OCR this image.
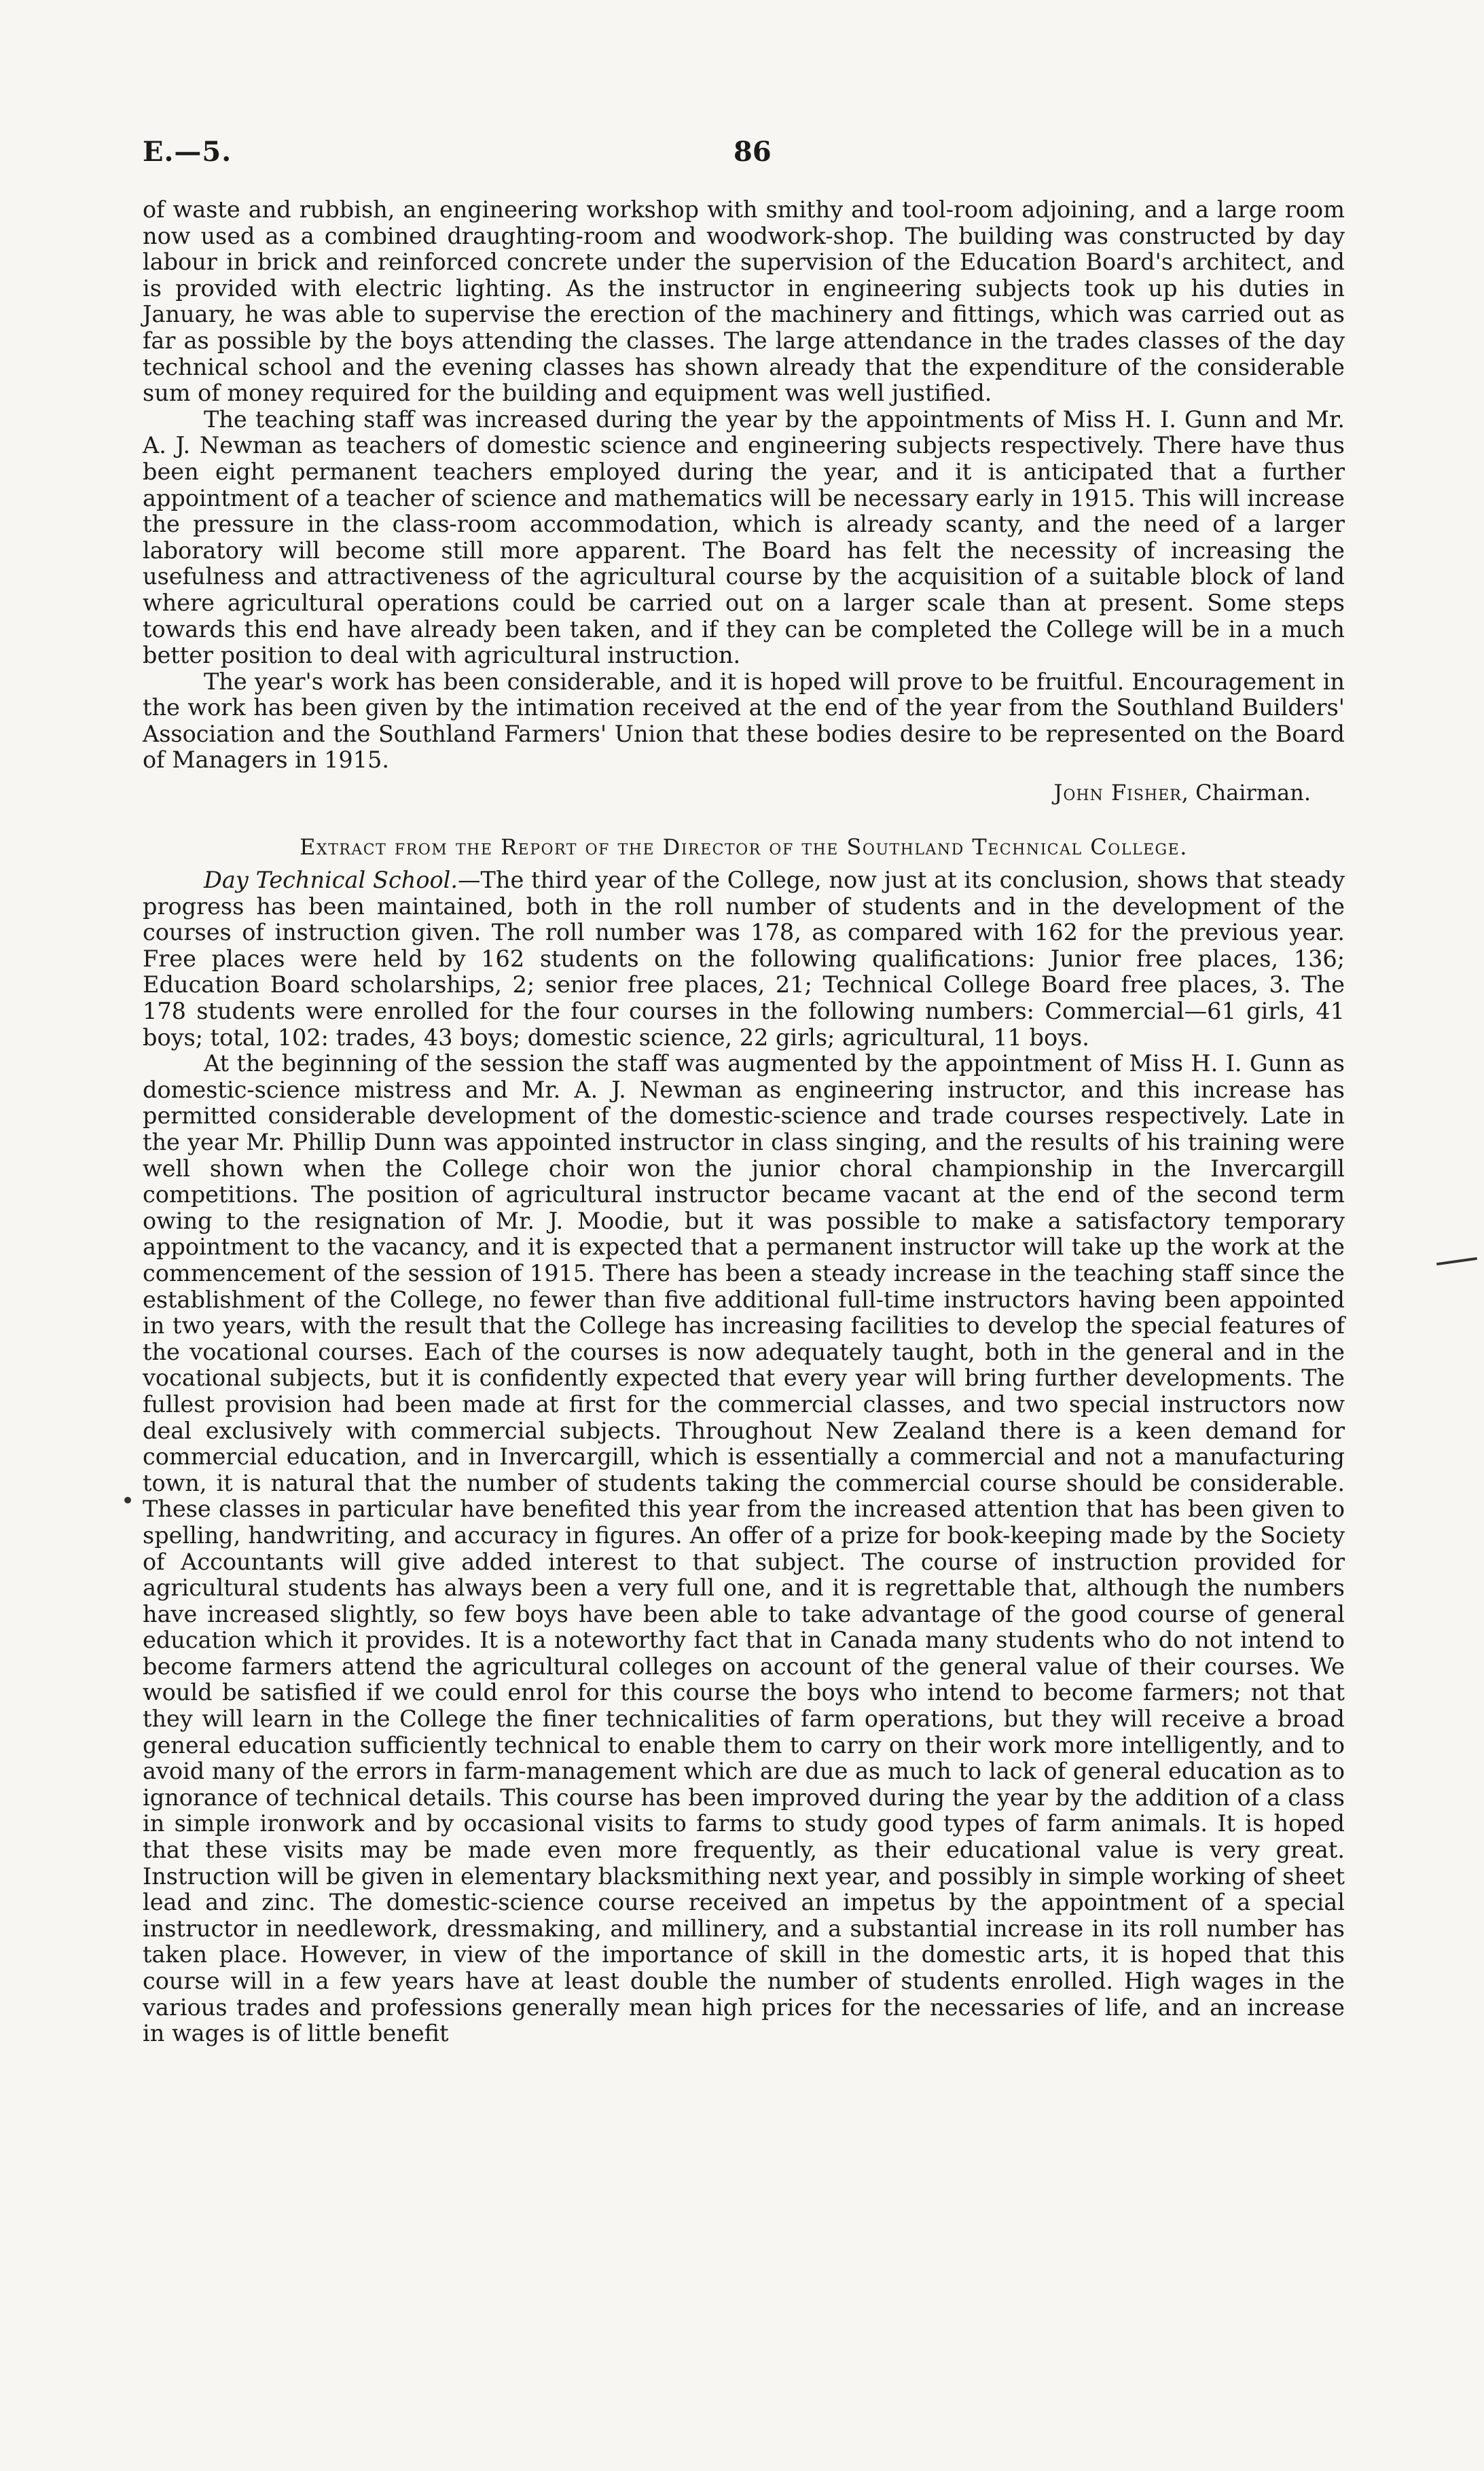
•
E.—5.	86

of waste and rubbish, an engineering workshop with smithy and tool-room adjoining, and a large room now used as a combined draughting-room and woodwork-shop. The building was constructed by day labour in brick and reinforced concrete under the supervision of the Education Board's architect, and is provided with electric lighting. As the instructor in engineering subjects took up his duties in January, he was able to supervise the erection of the machinery and fittings, which was carried out as far as possible by the boys attending the classes. The large attendance in the trades classes of the day technical school and the evening classes has shown already that the expenditure of the considerable sum of money required for the building and equipment was well justified.

The teaching staff was increased during the year by the appointments of Miss H. I. Gunn and Mr. A. J. Newman as teachers of domestic science and engineering subjects respectively. There have thus been eight permanent teachers employed during the year, and it is anticipated that a further appointment of a teacher of science and mathematics will be necessary early in 1915. This will increase the pressure in the class-room accommodation, which is already scanty, and the need of a larger laboratory will become still more apparent. The Board has felt the necessity of increasing the usefulness and attractiveness of the agricultural course by the acquisition of a suitable block of land where agricultural operations could be carried out on a larger scale than at present. Some steps towards this end have already been taken, and if they can be completed the College will be in a much better position to deal with agricultural instruction.

The year's work has been considerable, and it is hoped will prove to be fruitful. Encouragement in the work has been given by the intimation received at the end of the year from the Southland Builders' Association and the Southland Farmers' Union that these bodies desire to be represented on the Board of Managers in 1915.

John Fisher, Chairman.
Extract from the Report of the Director of the Southland Technical College.

Day Technical School.—The third year of the College, now just at its conclusion, shows that steady progress has been maintained, both in the roll number of students and in the development of the courses of instruction given. The roll number was 178, as compared with 162 for the previous year. Free places were held by 162 students on the following qualifications: Junior free places, 136; Education Board scholarships, 2; senior free places, 21; Technical College Board free places, 3. The 178 students were enrolled for the four courses in the following numbers: Commercial—61 girls, 41 boys; total, 102: trades, 43 boys; domestic science, 22 girls; agricultural, 11 boys.

At the beginning of the session the staff was augmented by the appointment of Miss H. I. Gunn as domestic-science mistress and Mr. A. J. Newman as engineering instructor, and this increase has permitted considerable development of the domestic-science and trade courses respectively. Late in the year Mr. Phillip Dunn was appointed instructor in class singing, and the results of his training were well shown when the College choir won the junior choral championship in the Invercargill competitions. The position of agricultural instructor became vacant at the end of the second term owing to the resignation of Mr. J. Moodie, but it was possible to make a satisfactory temporary appointment to the vacancy, and it is expected that a permanent instructor will take up the work at the commencement of the session of 1915. There has been a steady increase in the teaching staff since the establishment of the College, no fewer than five additional full-time instructors having been appointed in two years, with the result that the College has increasing facilities to develop the special features of the vocational courses. Each of the courses is now adequately taught, both in the general and in the vocational subjects, but it is confidently expected that every year will bring further developments. The fullest provision had been made at first for the commercial classes, and two special instructors now deal exclusively with commercial subjects. Throughout New Zealand there is a keen demand for commercial education, and in Invercargill, which is essentially a commercial and not a manufacturing town, it is natural that the number of students taking the commercial course should be considerable. These classes in particular have benefited this year from the increased attention that has been given to spelling, handwriting, and accuracy in figures. An offer of a prize for book-keeping made by the Society of Accountants will give added interest to that subject. The course of instruction provided for agricultural students has always been a very full one, and it is regrettable that, although the numbers have increased slightly, so few boys have been able to take advantage of the good course of general education which it provides. It is a noteworthy fact that in Canada many students who do not intend to become farmers attend the agricultural colleges on account of the general value of their courses. We would be satisfied if we could enrol for this course the boys who intend to become farmers; not that they will learn in the College the finer technicalities of farm operations, but they will receive a broad general education sufficiently technical to enable them to carry on their work more intelligently, and to avoid many of the errors in farm-management which are due as much to lack of general education as to ignorance of technical details. This course has been improved during the year by the addition of a class in simple ironwork and by occasional visits to farms to study good types of farm animals. It is hoped that these visits may be made even more frequently, as their educational value is very great. Instruction will be given in elementary blacksmithing next year, and possibly in simple working of sheet lead and zinc. The domestic-science course received an impetus by the appointment of a special instructor in needlework, dressmaking, and millinery, and a substantial increase in its roll number has taken place. However, in view of the importance of skill in the domestic arts, it is hoped that this course will in a few years have at least double the number of students enrolled. High wages in the various trades and professions generally mean high prices for the necessaries of life, and an increase in wages is of little benefit
